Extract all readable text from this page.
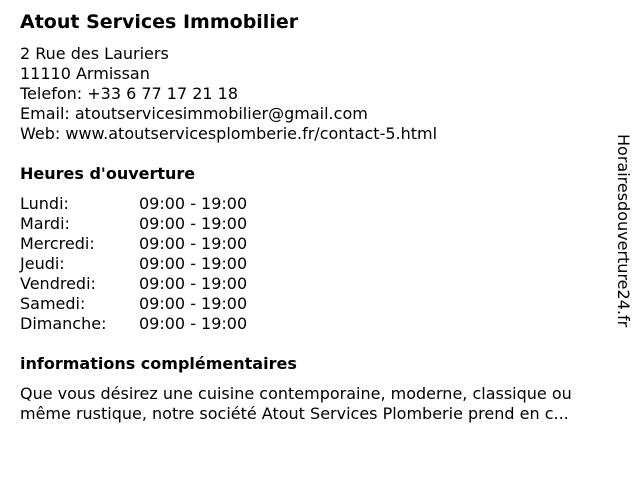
Atout Services Immobilier
2 Rue des Lauriers
11110 Armissan
Telefon: +33 6 77 17 21 18
Email: atoutservicesimmobilier@gmail.com
Web: www.atoutservicesplomberie.fr/contact-5.html
Heures d'ouverture
Lundi:	09:00 - 19:00
Mardi:	09:00 - 19:00
Mercredi:	09:00 - 19:00
Jeudi:	09:00 - 19:00
Vendredi:	09:00 - 19:00
Samedi:	09:00 - 19:00
Dimanche: 09:00 - 19:00
informations complémentaires
Que vous désirez une cuisine contemporaine, moderne, classique ou
même rustique, notre société Atout Services Plomberie prend en c...
Horairesdouverture24.fr
